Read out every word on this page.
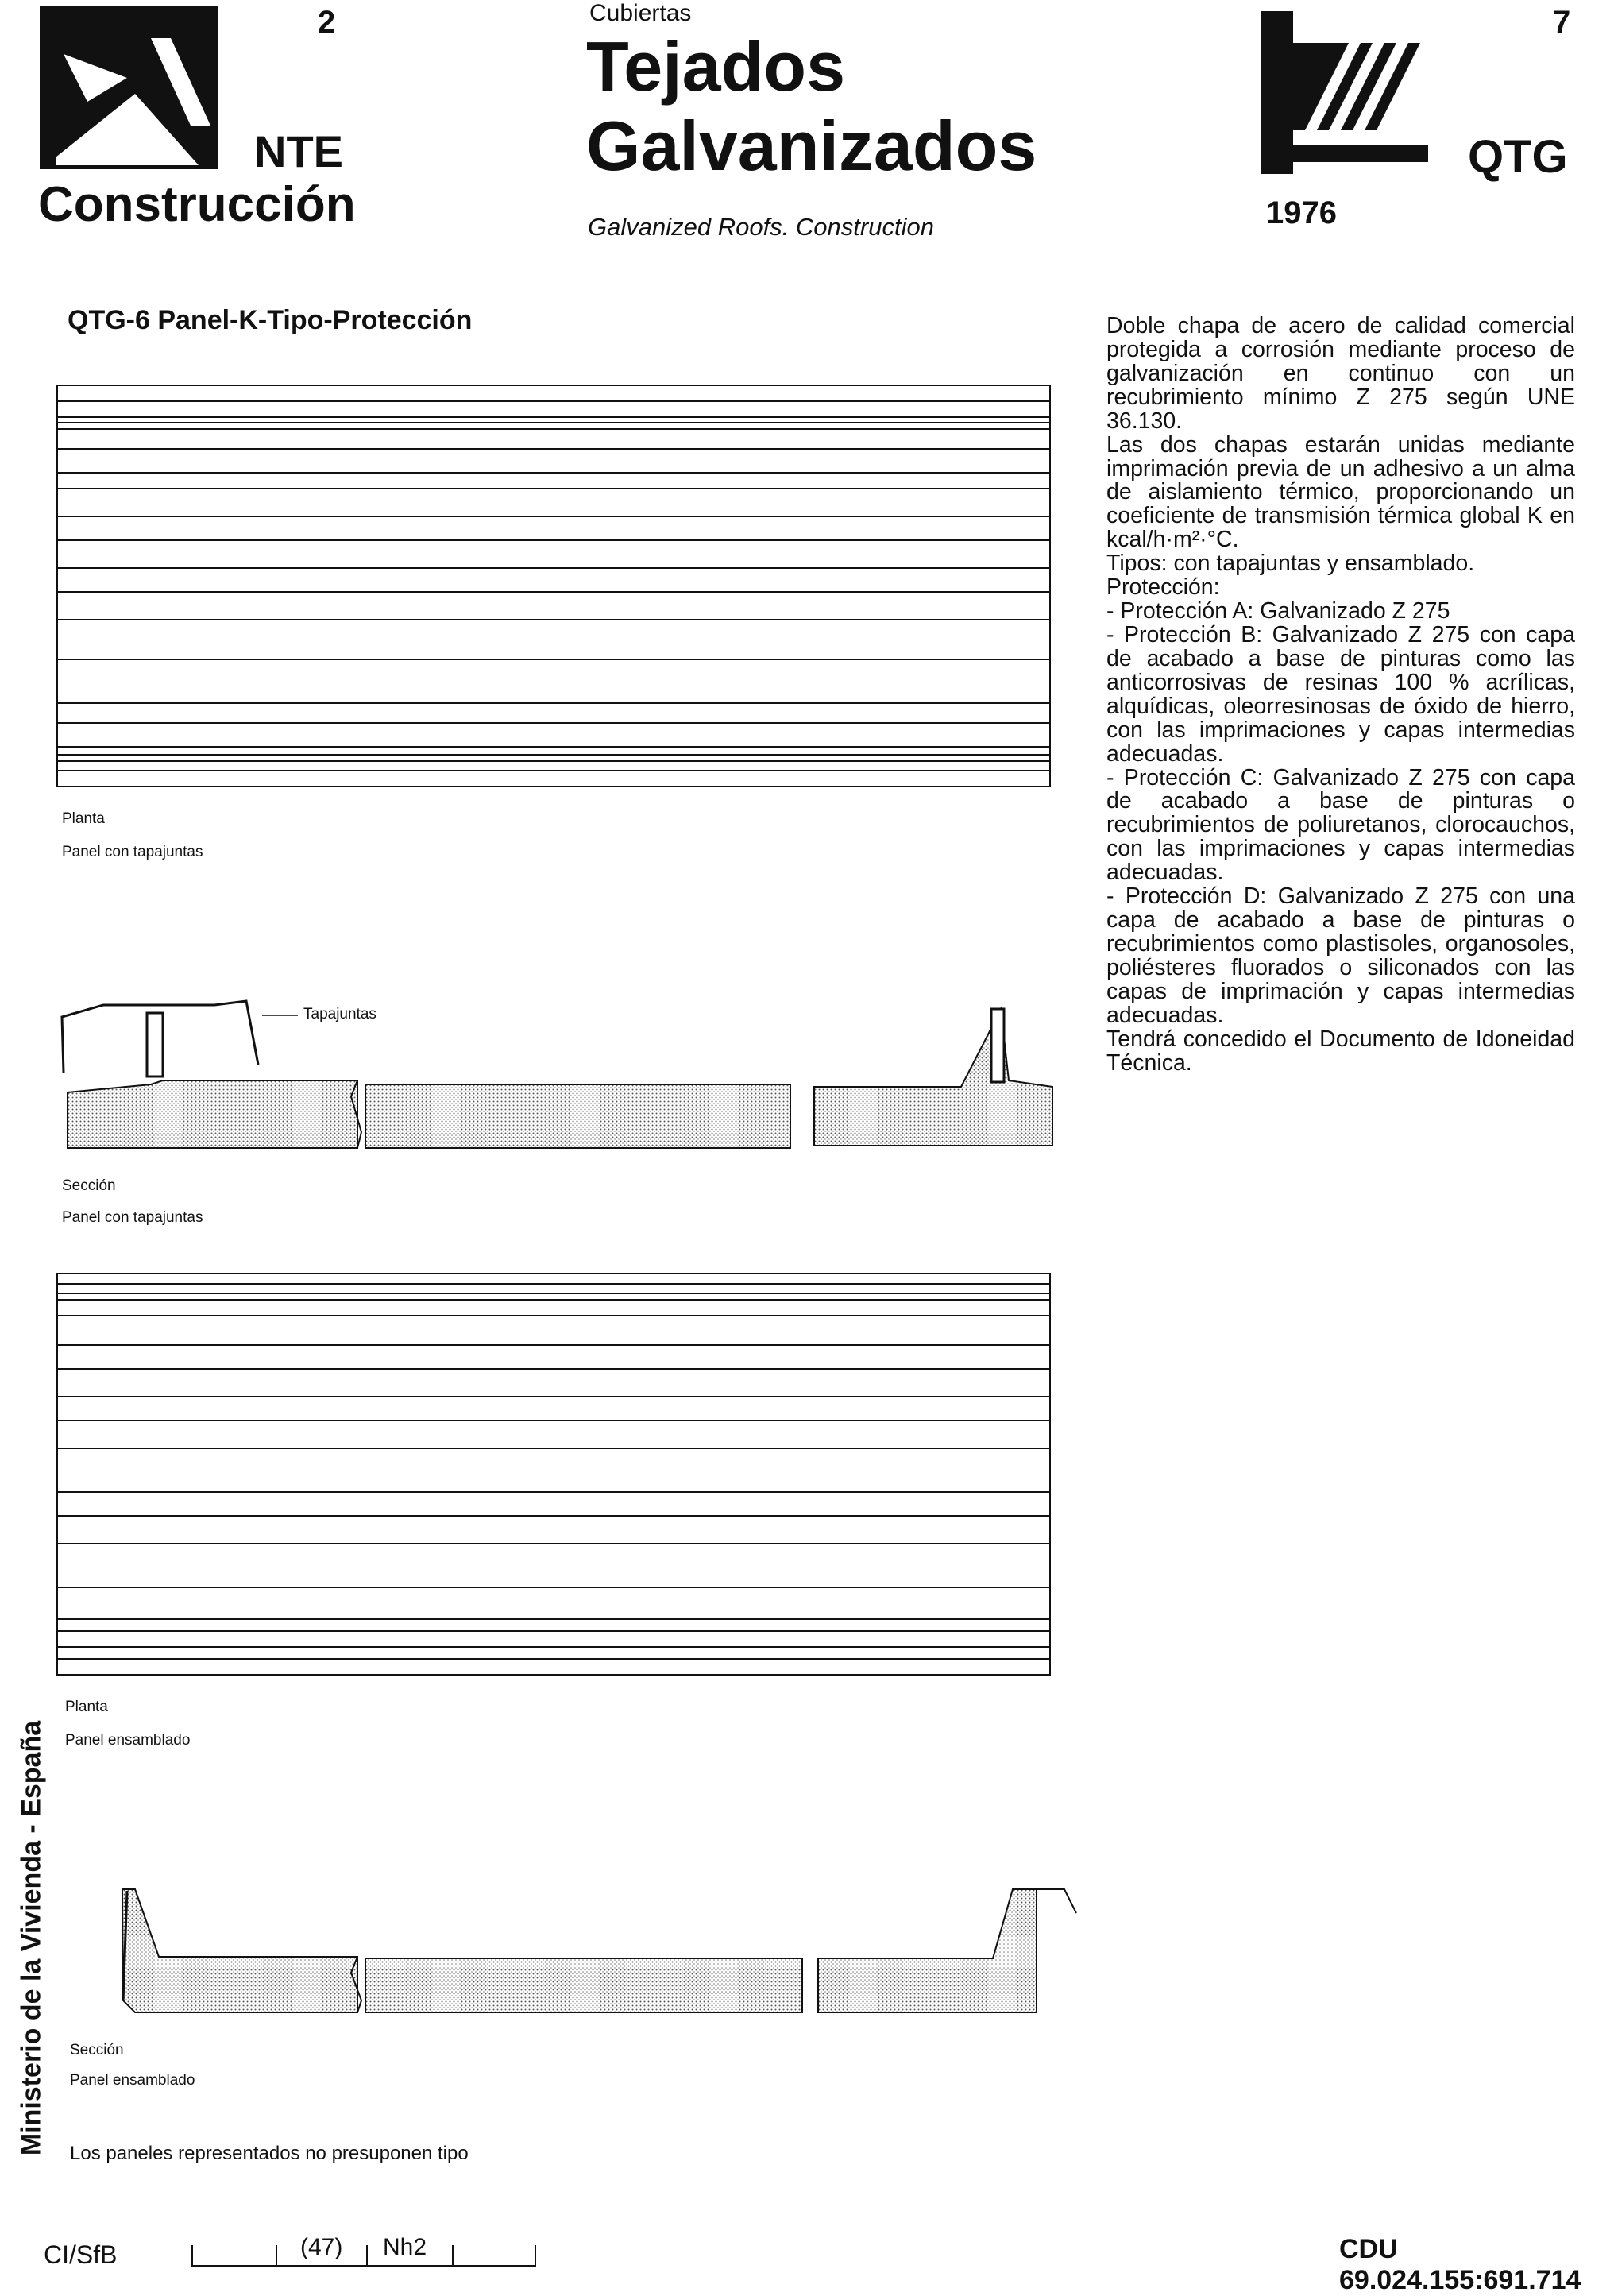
2
NTE
Construcción
Cubiertas
Tejados
Galvanizados
Galvanized Roofs. Construction
7
QTG
1976
QTG-6 Panel-K-Tipo-Protección
Planta
Panel con tapajuntas
Tapajuntas
Sección
Panel con tapajuntas
Planta
Panel ensamblado
Sección
Panel ensamblado

Doble chapa de acero de calidad comercial protegida a corrosión mediante proceso de galvanización en continuo con un recubrimiento mínimo Z 275 según UNE 36.130.

Las dos chapas estarán unidas mediante imprimación previa de un adhesivo a un alma de aislamiento térmico, proporcionando un coeficiente de transmisión térmica global K en kcal/h·m²·°C.

Tipos: con tapajuntas y ensamblado.

Protección:

- Protección A: Galvanizado Z 275

- Protección B: Galvanizado Z 275 con capa de acabado a base de pinturas como las anticorrosivas de resinas 100 % acrílicas, alquídicas, oleorresinosas de óxido de hierro, con las imprimaciones y capas intermedias adecuadas.

- Protección C: Galvanizado Z 275 con capa de acabado a base de pinturas o recubrimientos de poliuretanos, clorocauchos, con las imprimaciones y capas intermedias adecuadas.

- Protección D: Galvanizado Z 275 con una capa de acabado a base de pinturas o recubrimientos como plastisoles, organosoles, poliésteres fluorados o siliconados con las capas de imprimación y capas intermedias adecuadas.

Tendrá concedido el Documento de Idoneidad Técnica.

Ministerio de la Vivienda - España Los paneles representados no presuponen tipo
CI/SfB	(47) Nh2	CDU 69.024.155:691.714
